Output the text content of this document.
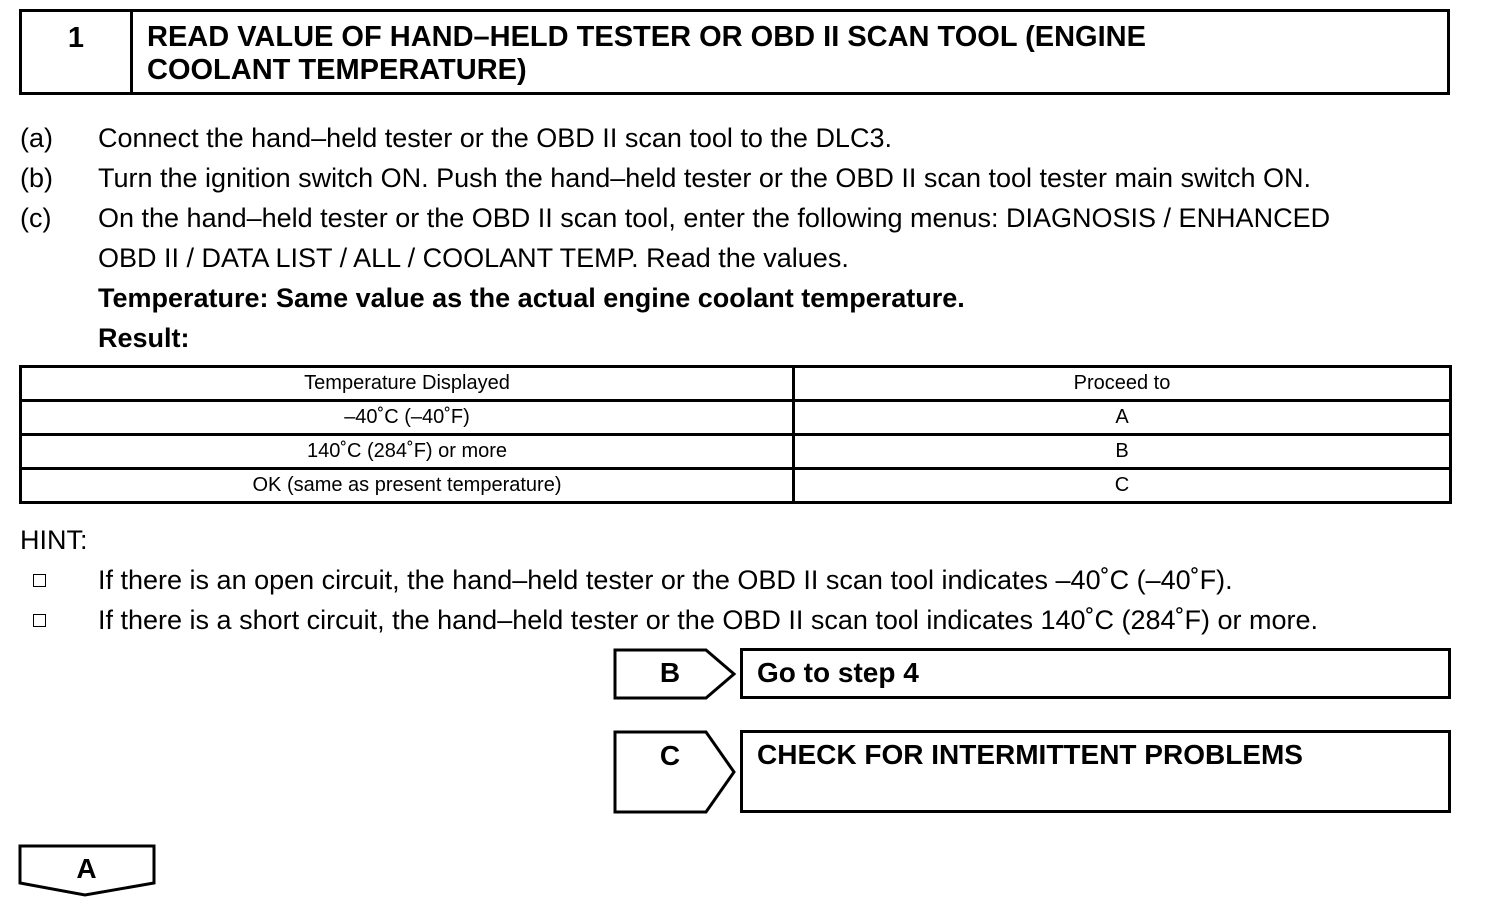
1	READ VALUE OF HAND–HELD TESTER OR OBD II SCAN TOOL (ENGINE
COOLANT TEMPERATURE)
(a) Connect the hand–held tester or the OBD II scan tool to the DLC3.
(b) Turn the ignition switch ON. Push the hand–held tester or the OBD II scan tool tester main switch ON.
(c) On the hand–held tester or the OBD II scan tool, enter the following menus: DIAGNOSIS / ENHANCED
OBD II / DATA LIST / ALL / COOLANT TEMP. Read the values.
Temperature: Same value as the actual engine coolant temperature.
Result:
Temperature Displayed	Proceed to
–40˚C (–40˚F)	A
140˚C (284˚F) or more	B
OK (same as present temperature)	C
HINT:
If there is an open circuit, the hand–held tester or the OBD II scan tool indicates –40˚C (–40˚F).
If there is a short circuit, the hand–held tester or the OBD II scan tool indicates 140˚C (284˚F) or more.
B	Go to step 4
C	CHECK FOR INTERMITTENT PROBLEMS
A
